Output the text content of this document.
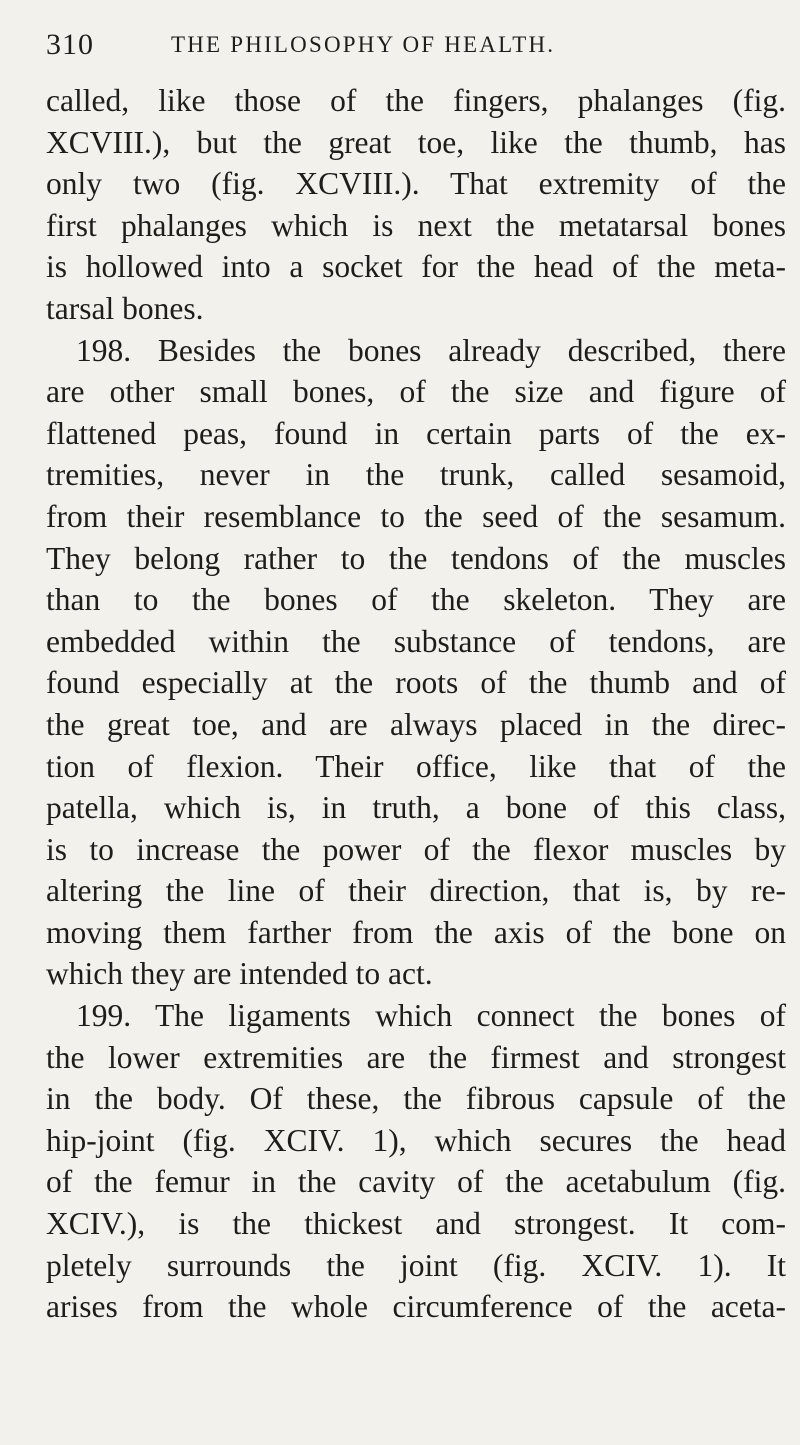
310	THE PHILOSOPHY OF HEALTH.
called, like those of the fingers, phalanges (fig.
XCVIII.), but the great toe, like the thumb, has
only two (fig. XCVIII.). That extremity of the
first phalanges which is next the metatarsal bones
is hollowed into a socket for the head of the meta-
tarsal bones.
198. Besides the bones already described, there
are other small bones, of the size and figure of
flattened peas, found in certain parts of the ex-
tremities, never in the trunk, called sesamoid,
from their resemblance to the seed of the sesamum.
They belong rather to the tendons of the muscles
than to the bones of the skeleton. They are
embedded within the substance of tendons, are
found especially at the roots of the thumb and of
the great toe, and are always placed in the direc-
tion of flexion. Their office, like that of the
patella, which is, in truth, a bone of this class,
is to increase the power of the flexor muscles by
altering the line of their direction, that is, by re-
moving them farther from the axis of the bone on
which they are intended to act.
199. The ligaments which connect the bones of
the lower extremities are the firmest and strongest
in the body. Of these, the fibrous capsule of the
hip-joint (fig. XCIV. 1), which secures the head
of the femur in the cavity of the acetabulum (fig.
XCIV.), is the thickest and strongest. It com-
pletely surrounds the joint (fig. XCIV. 1). It
arises from the whole circumference of the aceta-
